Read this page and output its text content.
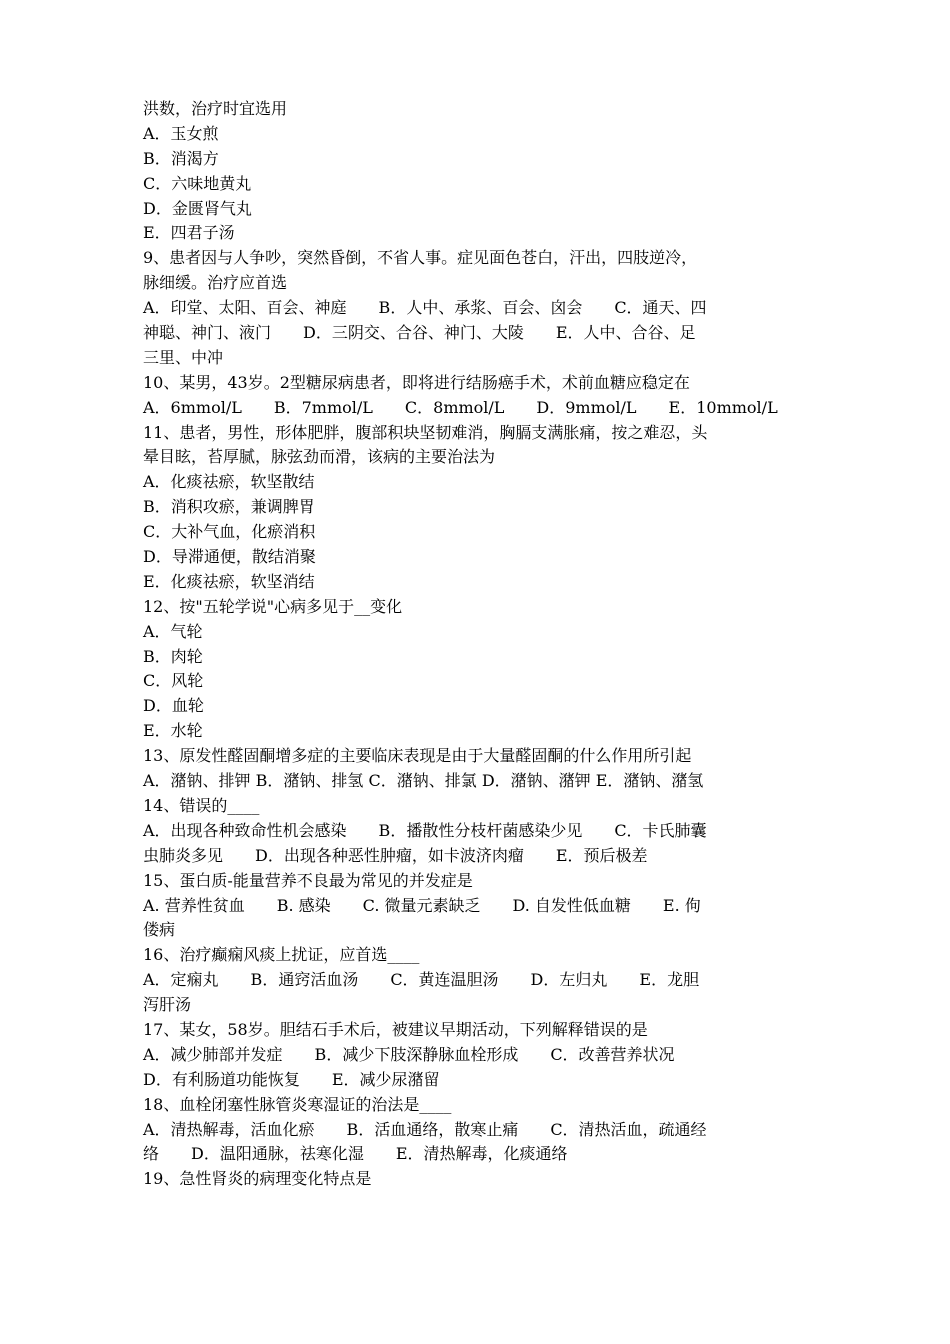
洪数，治疗时宜选用
A．玉女煎
B．消渴方
C．六味地黄丸
D．金匮肾气丸
E．四君子汤
9、患者因与人争吵，突然昏倒，不省人事。症见面色苍白，汗出，四肢逆冷，
脉细缓。治疗应首选
A．印堂、太阳、百会、神庭　　B．人中、承浆、百会、囟会　　C．通天、四
神聪、神门、液门　　D．三阴交、合谷、神门、大陵　　E．人中、合谷、足
三里、中冲
10、某男，43岁。2型糖尿病患者，即将进行结肠癌手术，术前血糖应稳定在
A．6mmol/L　　B．7mmol/L　　C．8mmol/L　　D．9mmol/L　　E．10mmol/L
11、患者，男性，形体肥胖，腹部积块坚韧难消，胸膈支满胀痛，按之难忍，头
晕目眩，苔厚腻，脉弦劲而滑，该病的主要治法为
A．化痰祛瘀，软坚散结
B．消积攻瘀，兼调脾胃
C．大补气血，化瘀消积
D．导滞通便，散结消聚
E．化痰祛瘀，软坚消结
12、按"五轮学说"心病多见于__变化
A．气轮
B．肉轮
C．风轮
D．血轮
E．水轮
13、原发性醛固酮增多症的主要临床表现是由于大量醛固酮的什么作用所引起
A．潴钠、排钾 B．潴钠、排氢 C．潴钠、排氯 D．潴钠、潴钾 E．潴钠、潴氢
14、错误的____
A．出现各种致命性机会感染　　B．播散性分枝杆菌感染少见　　C．卡氏肺囊
虫肺炎多见　　D．出现各种恶性肿瘤，如卡波济肉瘤　　E．预后极差
15、蛋白质-能量营养不良最为常见的并发症是
A. 营养性贫血　　B. 感染　　C. 微量元素缺乏　　D. 自发性低血糖　　E. 佝
偻病
16、治疗癫痫风痰上扰证，应首选____
A．定痫丸　　B．通窍活血汤　　C．黄连温胆汤　　D．左归丸　　E．龙胆
泻肝汤
17、某女，58岁。胆结石手术后，被建议早期活动，下列解释错误的是
A．减少肺部并发症　　B．减少下肢深静脉血栓形成　　C．改善营养状况
D．有利肠道功能恢复　　E．减少尿潴留
18、血栓闭塞性脉管炎寒湿证的治法是____
A．清热解毒，活血化瘀　　B．活血通络，散寒止痛　　C．清热活血，疏通经
络　　D．温阳通脉，祛寒化湿　　E．清热解毒，化痰通络
19、急性肾炎的病理变化特点是
